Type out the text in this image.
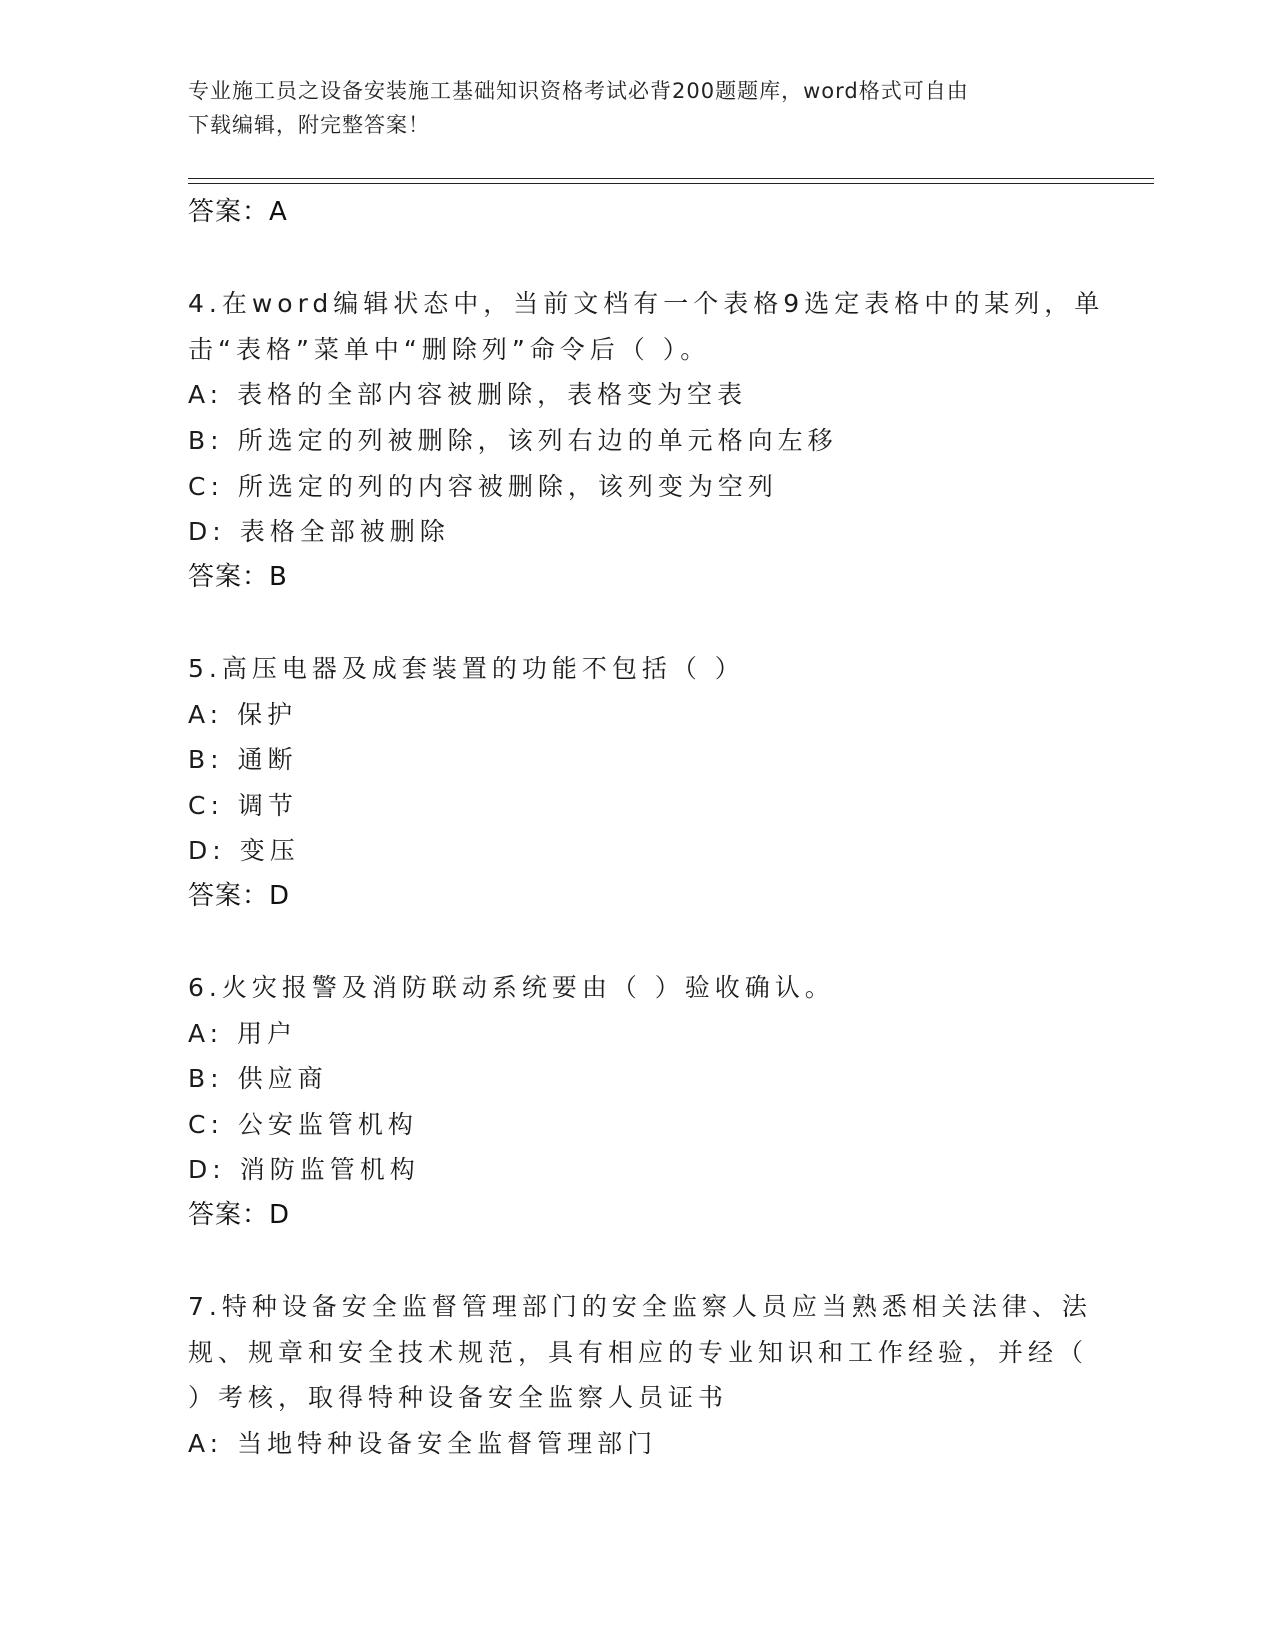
专业施工员之设备安装施工基础知识资格考试必背200题题库，word格式可自由
下载编辑，附完整答案！
答案：A
4.在word编辑状态中，当前文档有一个表格9选定表格中的某列，单
击“表格”菜单中“删除列”命令后（ ）。
A: 表格的全部内容被删除，表格变为空表
B: 所选定的列被删除，该列右边的单元格向左移
C: 所选定的列的内容被删除，该列变为空列
D: 表格全部被删除
答案：B
5.高压电器及成套装置的功能不包括（ ）
A: 保护
B: 通断
C: 调节
D: 变压
答案：D
6.火灾报警及消防联动系统要由（ ）验收确认。
A: 用户
B: 供应商
C: 公安监管机构
D: 消防监管机构
答案：D
7.特种设备安全监督管理部门的安全监察人员应当熟悉相关法律、法
规、规章和安全技术规范，具有相应的专业知识和工作经验，并经（
）考核，取得特种设备安全监察人员证书
A: 当地特种设备安全监督管理部门
